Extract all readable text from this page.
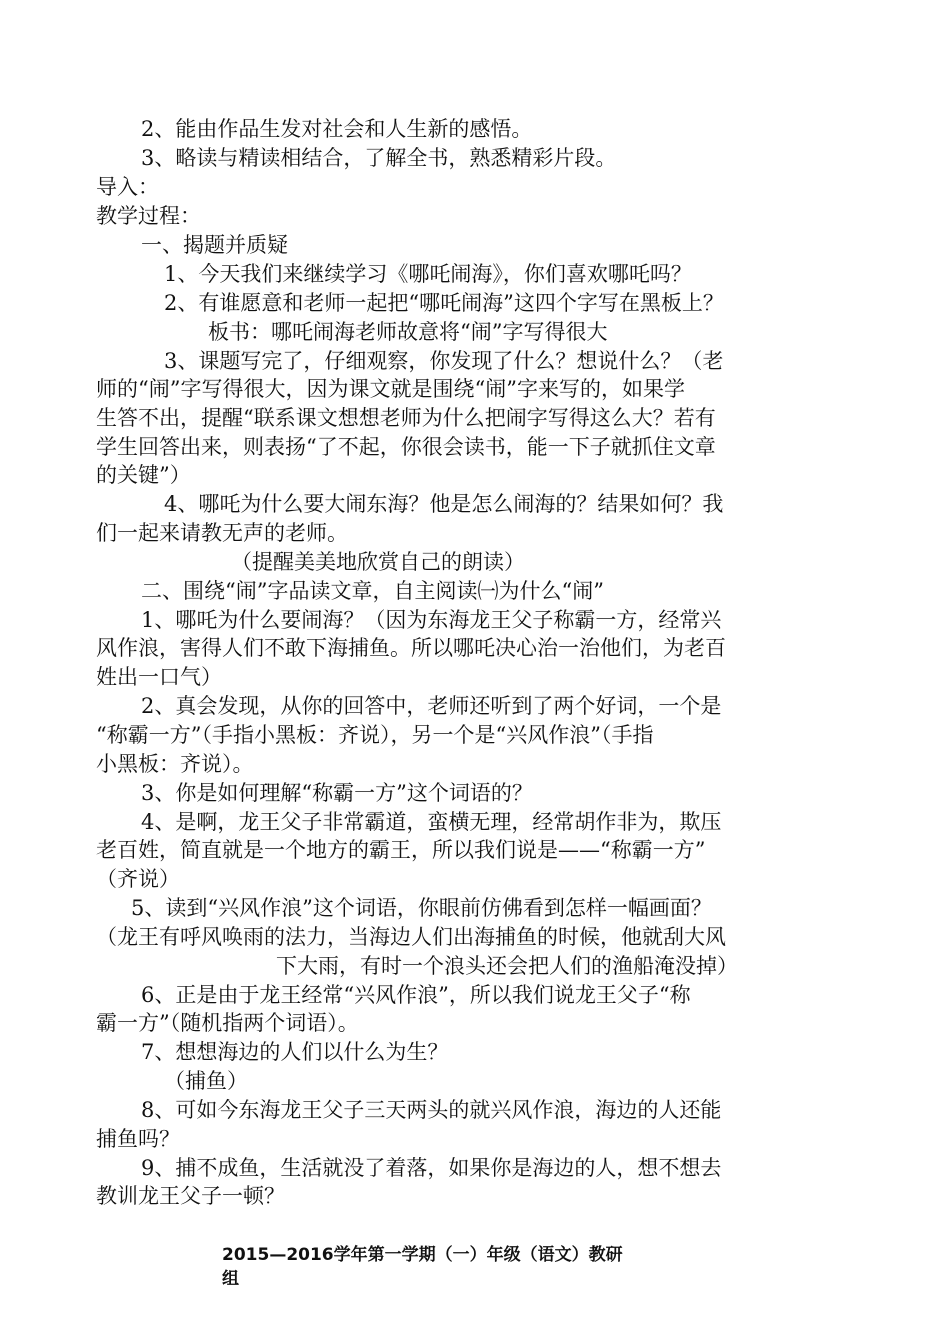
2、能由作品生发对社会和人生新的感悟。
3、略读与精读相结合，了解全书，熟悉精彩片段。
导入：
教学过程：
一、揭题并质疑
1、今天我们来继续学习《哪吒闹海》，你们喜欢哪吒吗？
2、有谁愿意和老师一起把“哪吒闹海”这四个字写在黑板上？
板书：哪吒闹海老师故意将“闹”字写得很大
3、课题写完了，仔细观察，你发现了什么？想说什么？（老
师的“闹”字写得很大，因为课文就是围绕“闹”字来写的，如果学
生答不出，提醒“联系课文想想老师为什么把闹字写得这么大？若有
学生回答出来，则表扬“了不起，你很会读书，能一下子就抓住文章
的关键”）
4、哪吒为什么要大闹东海？他是怎么闹海的？结果如何？我
们一起来请教无声的老师。
（提醒美美地欣赏自己的朗读）
二、围绕“闹”字品读文章，自主阅读㈠为什么“闹”
1、哪吒为什么要闹海？（因为东海龙王父子称霸一方，经常兴
风作浪，害得人们不敢下海捕鱼。所以哪吒决心治一治他们，为老百
姓出一口气）
2、真会发现，从你的回答中，老师还听到了两个好词，一个是
“称霸一方”（手指小黑板：齐说），另一个是“兴风作浪”（手指
小黑板：齐说）。
3、你是如何理解“称霸一方”这个词语的？
4、是啊，龙王父子非常霸道，蛮横无理，经常胡作非为，欺压
老百姓，简直就是一个地方的霸王，所以我们说是——“称霸一方”
（齐说）
5、读到“兴风作浪”这个词语，你眼前仿佛看到怎样一幅画面？
（龙王有呼风唤雨的法力，当海边人们出海捕鱼的时候，他就刮大风
下大雨，有时一个浪头还会把人们的渔船淹没掉）
6、正是由于龙王经常“兴风作浪”，所以我们说龙王父子“称
霸一方”（随机指两个词语）。
7、想想海边的人们以什么为生？
（捕鱼）
8、可如今东海龙王父子三天两头的就兴风作浪，海边的人还能
捕鱼吗？
9、捕不成鱼，生活就没了着落，如果你是海边的人，想不想去
教训龙王父子一顿？
2015—2016学年第一学期（一）年级（语文）教研
组
